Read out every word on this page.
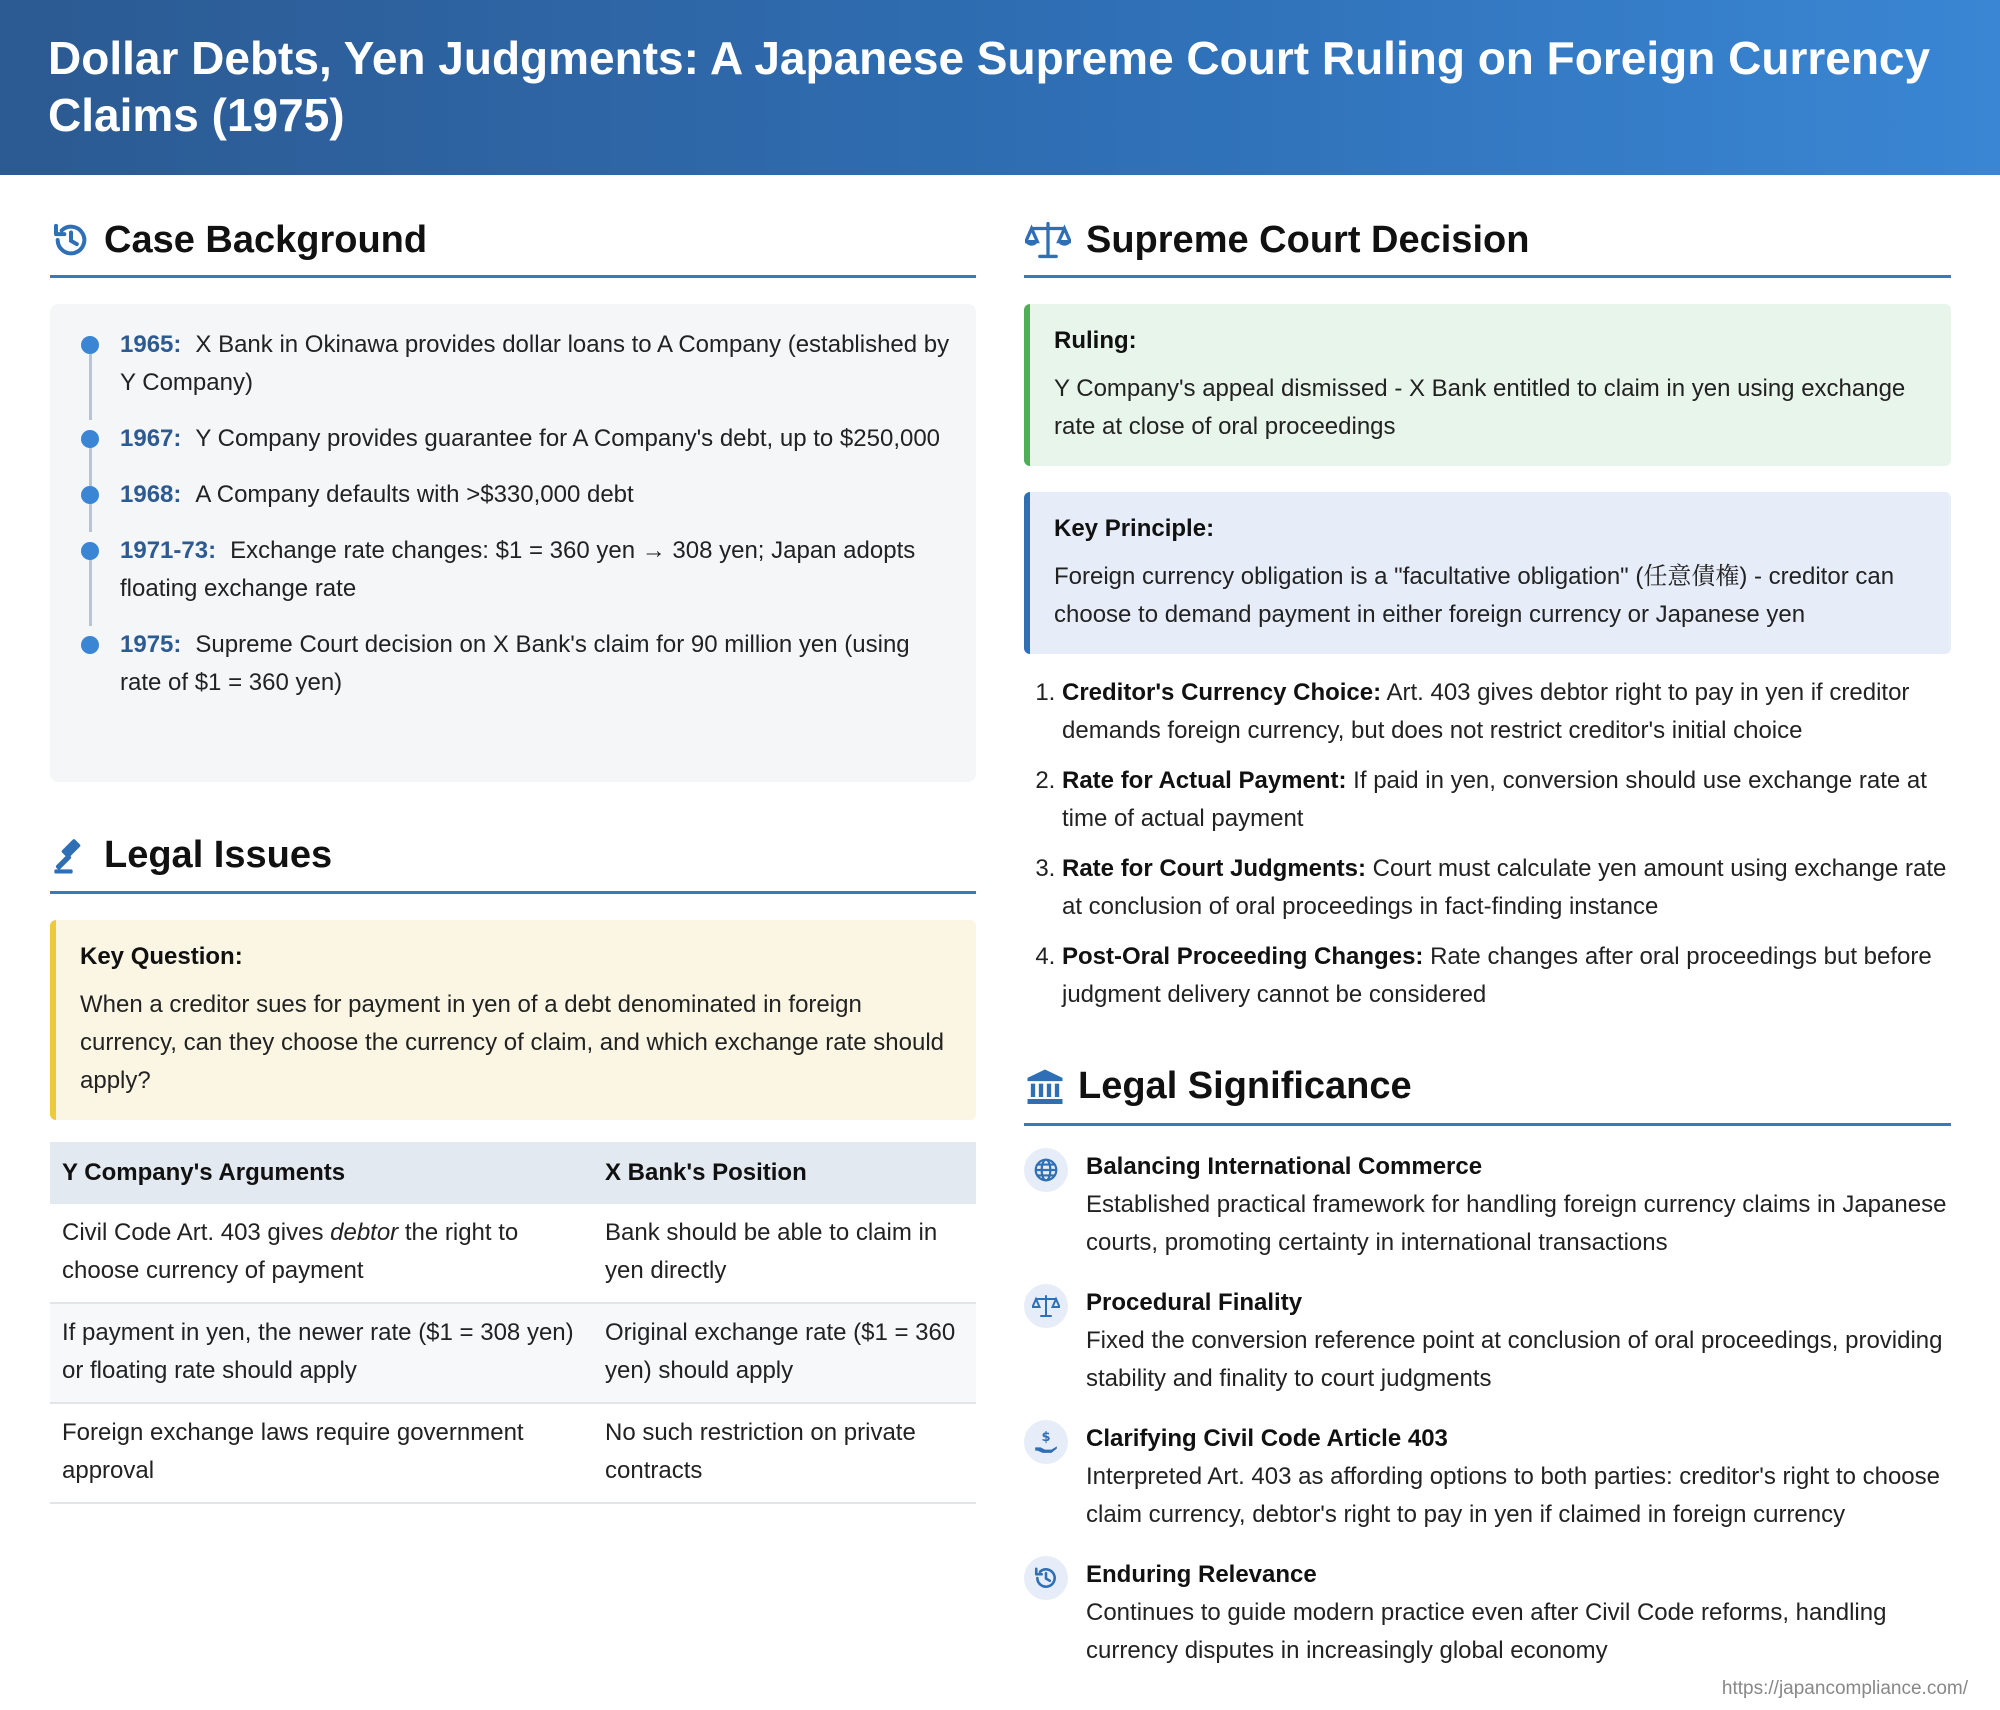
Dollar Debts, Yen Judgments: A Japanese Supreme Court Ruling on Foreign Currency Claims (1975)
Case Background
1965: X Bank in Okinawa provides dollar loans to A Company (established by Y Company)
1967: Y Company provides guarantee for A Company's debt, up to $250,000
1968: A Company defaults with >$330,000 debt
1971-73: Exchange rate changes: $1 = 360 yen → 308 yen; Japan adopts floating exchange rate
1975: Supreme Court decision on X Bank's claim for 90 million yen (using rate of $1 = 360 yen)
Legal Issues
Key Question:
When a creditor sues for payment in yen of a debt denominated in foreign currency, can they choose the currency of claim, and which exchange rate should apply?
Y Company's Arguments	X Bank's Position
Civil Code Art. 403 gives debtor the right to choose currency of payment	Bank should be able to claim in yen directly
If payment in yen, the newer rate ($1 = 308 yen) or floating rate should apply	Original exchange rate ($1 = 360 yen) should apply
Foreign exchange laws require government approval	No such restriction on private contracts
Supreme Court Decision
Ruling:
Y Company's appeal dismissed - X Bank entitled to claim in yen using exchange rate at close of oral proceedings
Key Principle:
Foreign currency obligation is a "facultative obligation" (任意債権) - creditor can choose to demand payment in either foreign currency or Japanese yen
1. Creditor's Currency Choice: Art. 403 gives debtor right to pay in yen if creditor demands foreign currency, but does not restrict creditor's initial choice
2. Rate for Actual Payment: If paid in yen, conversion should use exchange rate at time of actual payment
3. Rate for Court Judgments: Court must calculate yen amount using exchange rate at conclusion of oral proceedings in fact-finding instance
4. Post-Oral Proceeding Changes: Rate changes after oral proceedings but before judgment delivery cannot be considered
Legal Significance
Balancing International Commerce
Established practical framework for handling foreign currency claims in Japanese courts, promoting certainty in international transactions
Procedural Finality
Fixed the conversion reference point at conclusion of oral proceedings, providing stability and finality to court judgments
$ Clarifying Civil Code Article 403
Interpreted Art. 403 as affording options to both parties: creditor's right to choose claim currency, debtor's right to pay in yen if claimed in foreign currency
Enduring Relevance
Continues to guide modern practice even after Civil Code reforms, handling currency disputes in increasingly global economy
https://japancompliance.com/
